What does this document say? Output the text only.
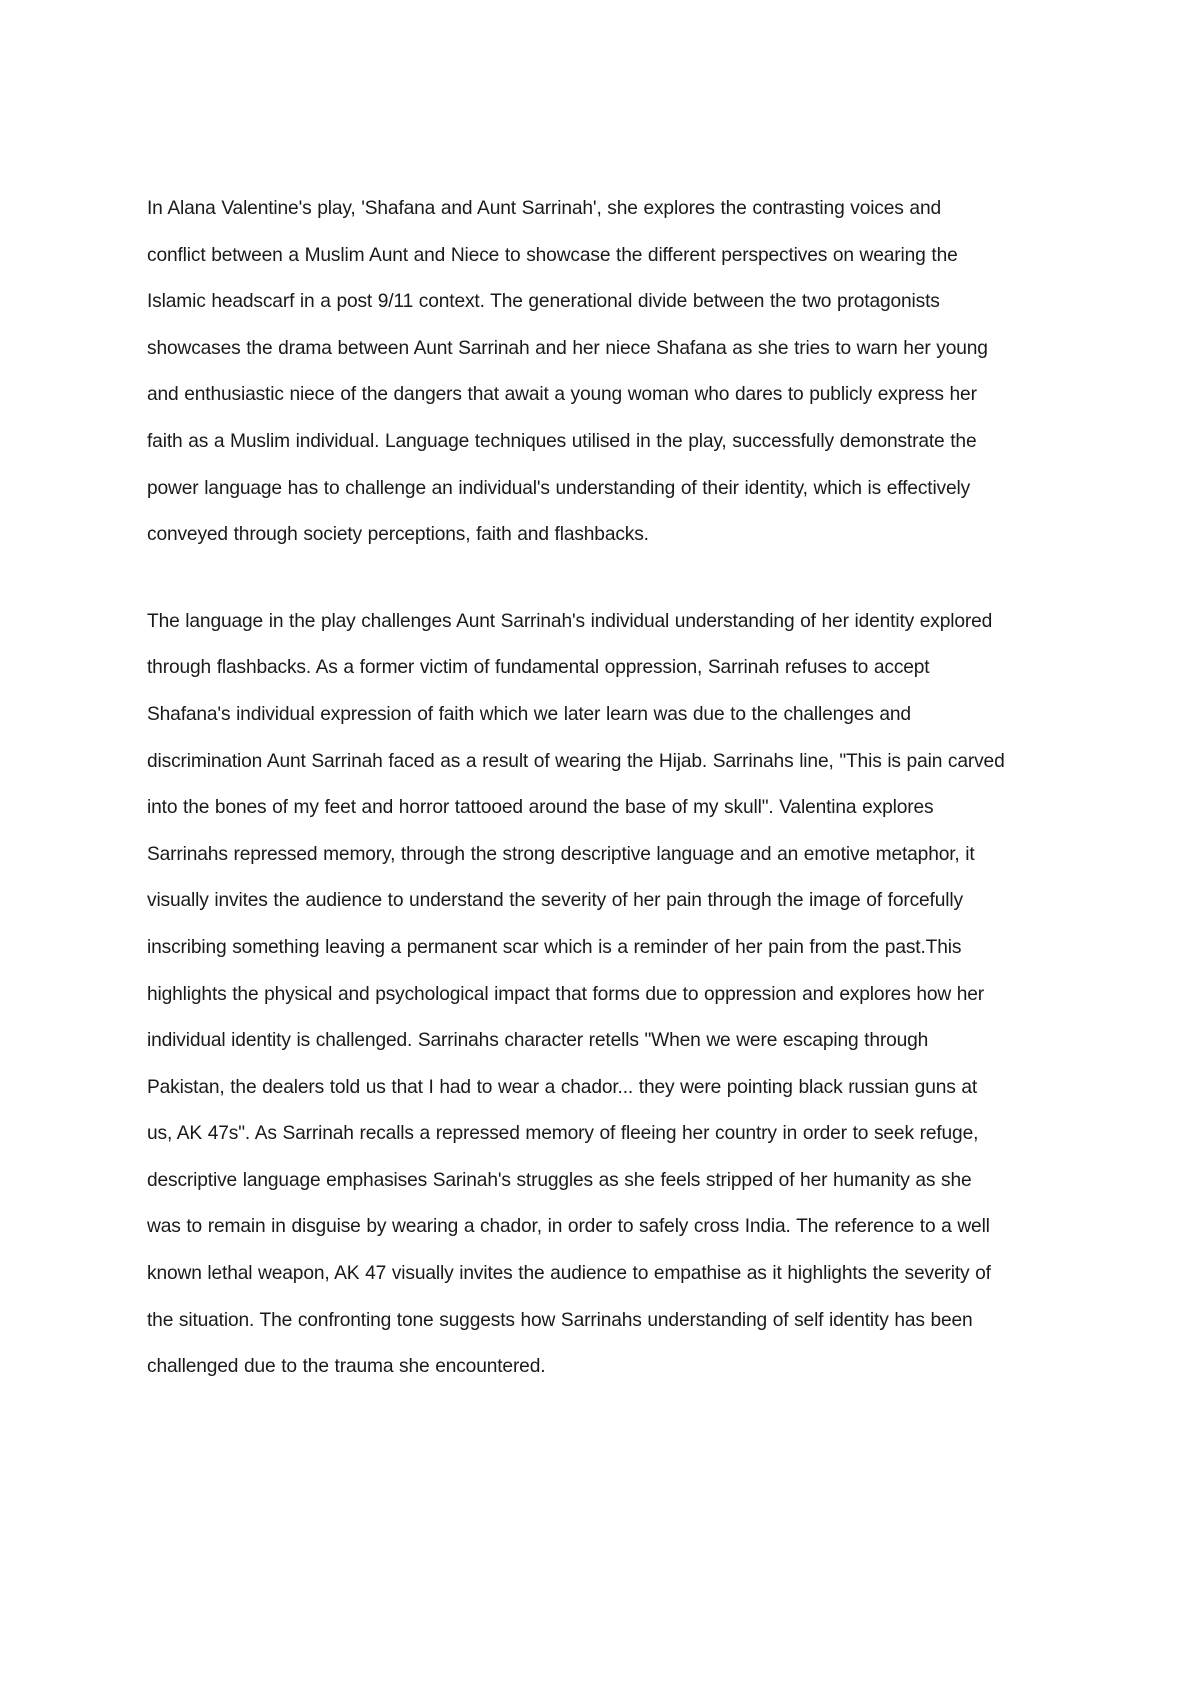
In Alana Valentine's play, 'Shafana and Aunt Sarrinah', she explores the contrasting voices and
conflict between a Muslim Aunt and Niece to showcase the different perspectives on wearing the
Islamic headscarf in a post 9/11 context. The generational divide between the two protagonists
showcases the drama between Aunt Sarrinah and her niece Shafana as she tries to warn her young
and enthusiastic niece of the dangers that await a young woman who dares to publicly express her
faith as a Muslim individual. Language techniques utilised in the play, successfully demonstrate the
power language has to challenge an individual's understanding of their identity, which is effectively
conveyed through society perceptions, faith and flashbacks.
The language in the play challenges Aunt Sarrinah's individual understanding of her identity explored
through flashbacks. As a former victim of fundamental oppression, Sarrinah refuses to accept
Shafana's individual expression of faith which we later learn was due to the challenges and
discrimination Aunt Sarrinah faced as a result of wearing the Hijab. Sarrinahs line, "This is pain carved
into the bones of my feet and horror tattooed around the base of my skull". Valentina explores
Sarrinahs repressed memory, through the strong descriptive language and an emotive metaphor, it
visually invites the audience to understand the severity of her pain through the image of forcefully
inscribing something leaving a permanent scar which is a reminder of her pain from the past.This
highlights the physical and psychological impact that forms due to oppression and explores how her
individual identity is challenged. Sarrinahs character retells "When we were escaping through
Pakistan, the dealers told us that I had to wear a chador... they were pointing black russian guns at
us, AK 47s". As Sarrinah recalls a repressed memory of fleeing her country in order to seek refuge,
descriptive language emphasises Sarinah's struggles as she feels stripped of her humanity as she
was to remain in disguise by wearing a chador, in order to safely cross India. The reference to a well
known lethal weapon, AK 47 visually invites the audience to empathise as it highlights the severity of
the situation. The confronting tone suggests how Sarrinahs understanding of self identity has been
challenged due to the trauma she encountered.
